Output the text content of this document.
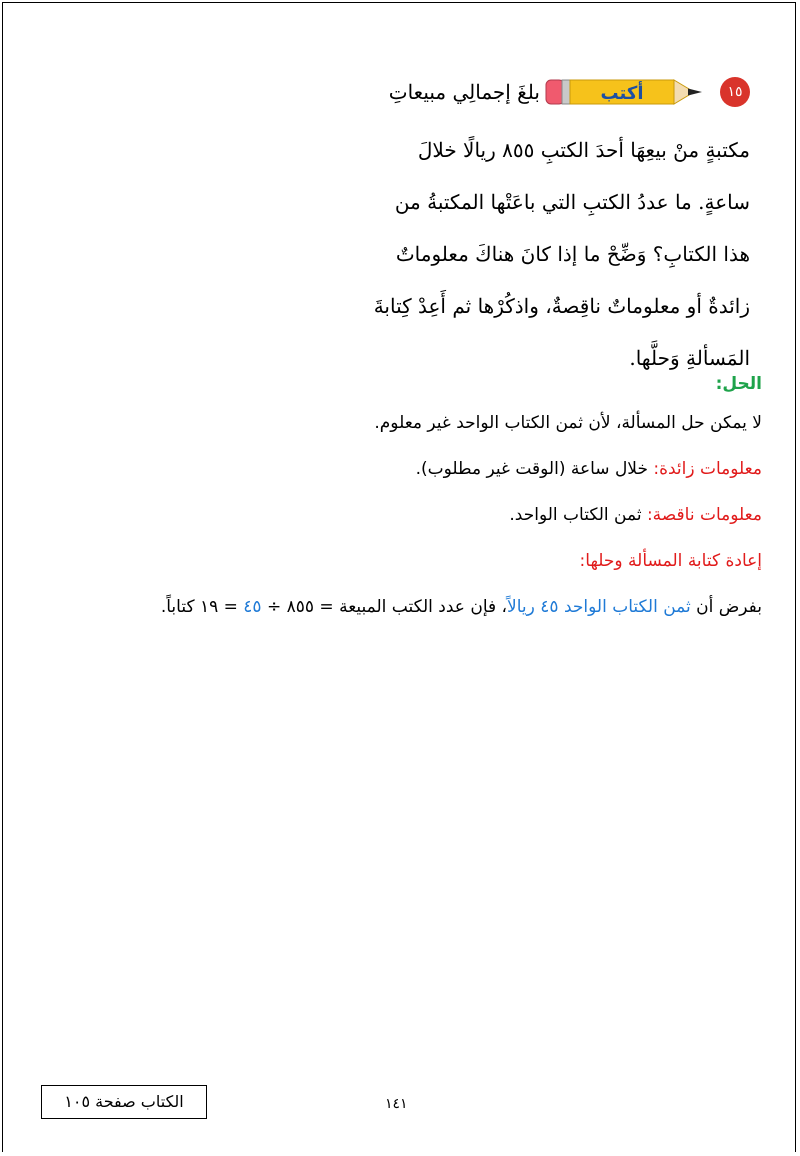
١٥
أكتب
بلغَ إجمالِي مبيعاتِ
مكتبةٍ منْ بيعِهَا أحدَ الكتبِ ٨٥٥ ريالًا خلالَ
ساعةٍ. ما عددُ الكتبِ التي باعَتْها المكتبةُ من
هذا الكتابِ؟ وَضِّحْ ما إذا كانَ هناكَ معلوماتٌ
زائدةٌ أو معلوماتٌ ناقِصةٌ، واذكُرْها ثم أَعِدْ كِتابةَ
المَسألةِ وَحلَّها.
الحل:
لا يمكن حل المسألة، لأن ثمن الكتاب الواحد غير معلوم.
معلومات زائدة: خلال ساعة (الوقت غير مطلوب).
معلومات ناقصة: ثمن الكتاب الواحد.
إعادة كتابة المسألة وحلها:
بفرض أن ثمن الكتاب الواحد ٤٥ ريالاً، فإن عدد الكتب المبيعة = ٨٥٥ ÷ ٤٥ = ١٩ كتاباً.
١٤١
الكتاب صفحة ١٠٥
